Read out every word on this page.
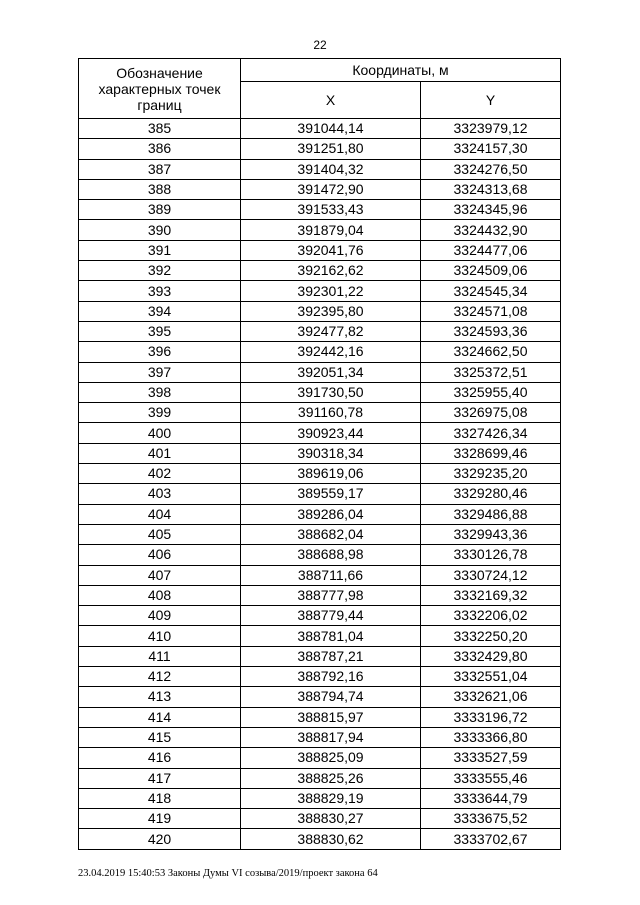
22
Обозначение характерных точек границ	Координаты, м	
	X	Y
385	391044,14	3323979,12
386	391251,80	3324157,30
387	391404,32	3324276,50
388	391472,90	3324313,68
389	391533,43	3324345,96
390	391879,04	3324432,90
391	392041,76	3324477,06
392	392162,62	3324509,06
393	392301,22	3324545,34
394	392395,80	3324571,08
395	392477,82	3324593,36
396	392442,16	3324662,50
397	392051,34	3325372,51
398	391730,50	3325955,40
399	391160,78	3326975,08
400	390923,44	3327426,34
401	390318,34	3328699,46
402	389619,06	3329235,20
403	389559,17	3329280,46
404	389286,04	3329486,88
405	388682,04	3329943,36
406	388688,98	3330126,78
407	388711,66	3330724,12
408	388777,98	3332169,32
409	388779,44	3332206,02
410	388781,04	3332250,20
411	388787,21	3332429,80
412	388792,16	3332551,04
413	388794,74	3332621,06
414	388815,97	3333196,72
415	388817,94	3333366,80
416	388825,09	3333527,59
417	388825,26	3333555,46
418	388829,19	3333644,79
419	388830,27	3333675,52
420	388830,62	3333702,67
23.04.2019 15:40:53 Законы Думы VI созыва/2019/проект закона 64
